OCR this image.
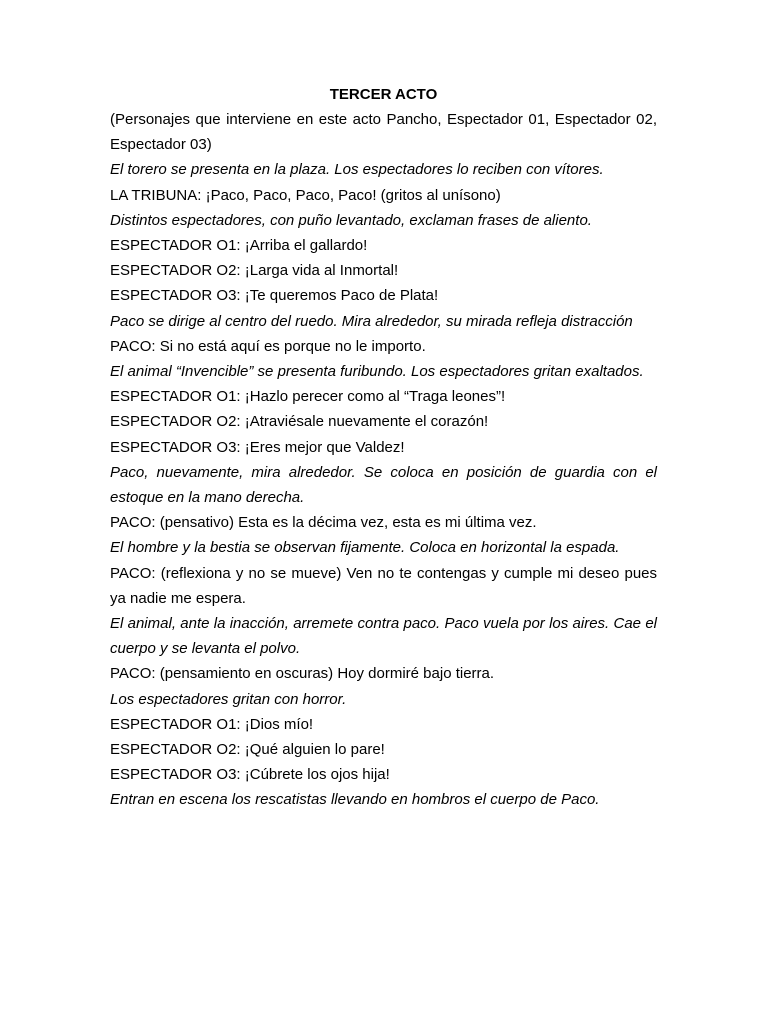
TERCER ACTO

(Personajes que interviene en este acto Pancho, Espectador 01, Espectador 02, Espectador 03)

El torero se presenta en la plaza. Los espectadores lo reciben con vítores.

LA TRIBUNA: ¡Paco, Paco, Paco, Paco! (gritos al unísono)

Distintos espectadores, con puño levantado, exclaman frases de aliento.

ESPECTADOR O1: ¡Arriba el gallardo!

ESPECTADOR O2: ¡Larga vida al Inmortal!

ESPECTADOR O3: ¡Te queremos Paco de Plata!

Paco se dirige al centro del ruedo. Mira alrededor, su mirada refleja distracción

PACO: Si no está aquí es porque no le importo.

El animal “Invencible” se presenta furibundo. Los espectadores gritan exaltados.

ESPECTADOR O1: ¡Hazlo perecer como al “Traga leones”!

ESPECTADOR O2: ¡Atraviésale nuevamente el corazón!

ESPECTADOR O3: ¡Eres mejor que Valdez!

Paco, nuevamente, mira alrededor. Se coloca en posición de guardia con el estoque en la mano derecha.

PACO: (pensativo) Esta es la décima vez, esta es mi última vez.

El hombre y la bestia se observan fijamente. Coloca en horizontal la espada.

PACO: (reflexiona y no se mueve) Ven no te contengas y cumple mi deseo pues ya nadie me espera.

El animal, ante la inacción, arremete contra paco. Paco vuela por los aires. Cae el cuerpo y se levanta el polvo.

PACO: (pensamiento en oscuras) Hoy dormiré bajo tierra.

Los espectadores gritan con horror.

ESPECTADOR O1: ¡Dios mío!

ESPECTADOR O2: ¡Qué alguien lo pare!

ESPECTADOR O3: ¡Cúbrete los ojos hija!

Entran en escena los rescatistas llevando en hombros el cuerpo de Paco.
